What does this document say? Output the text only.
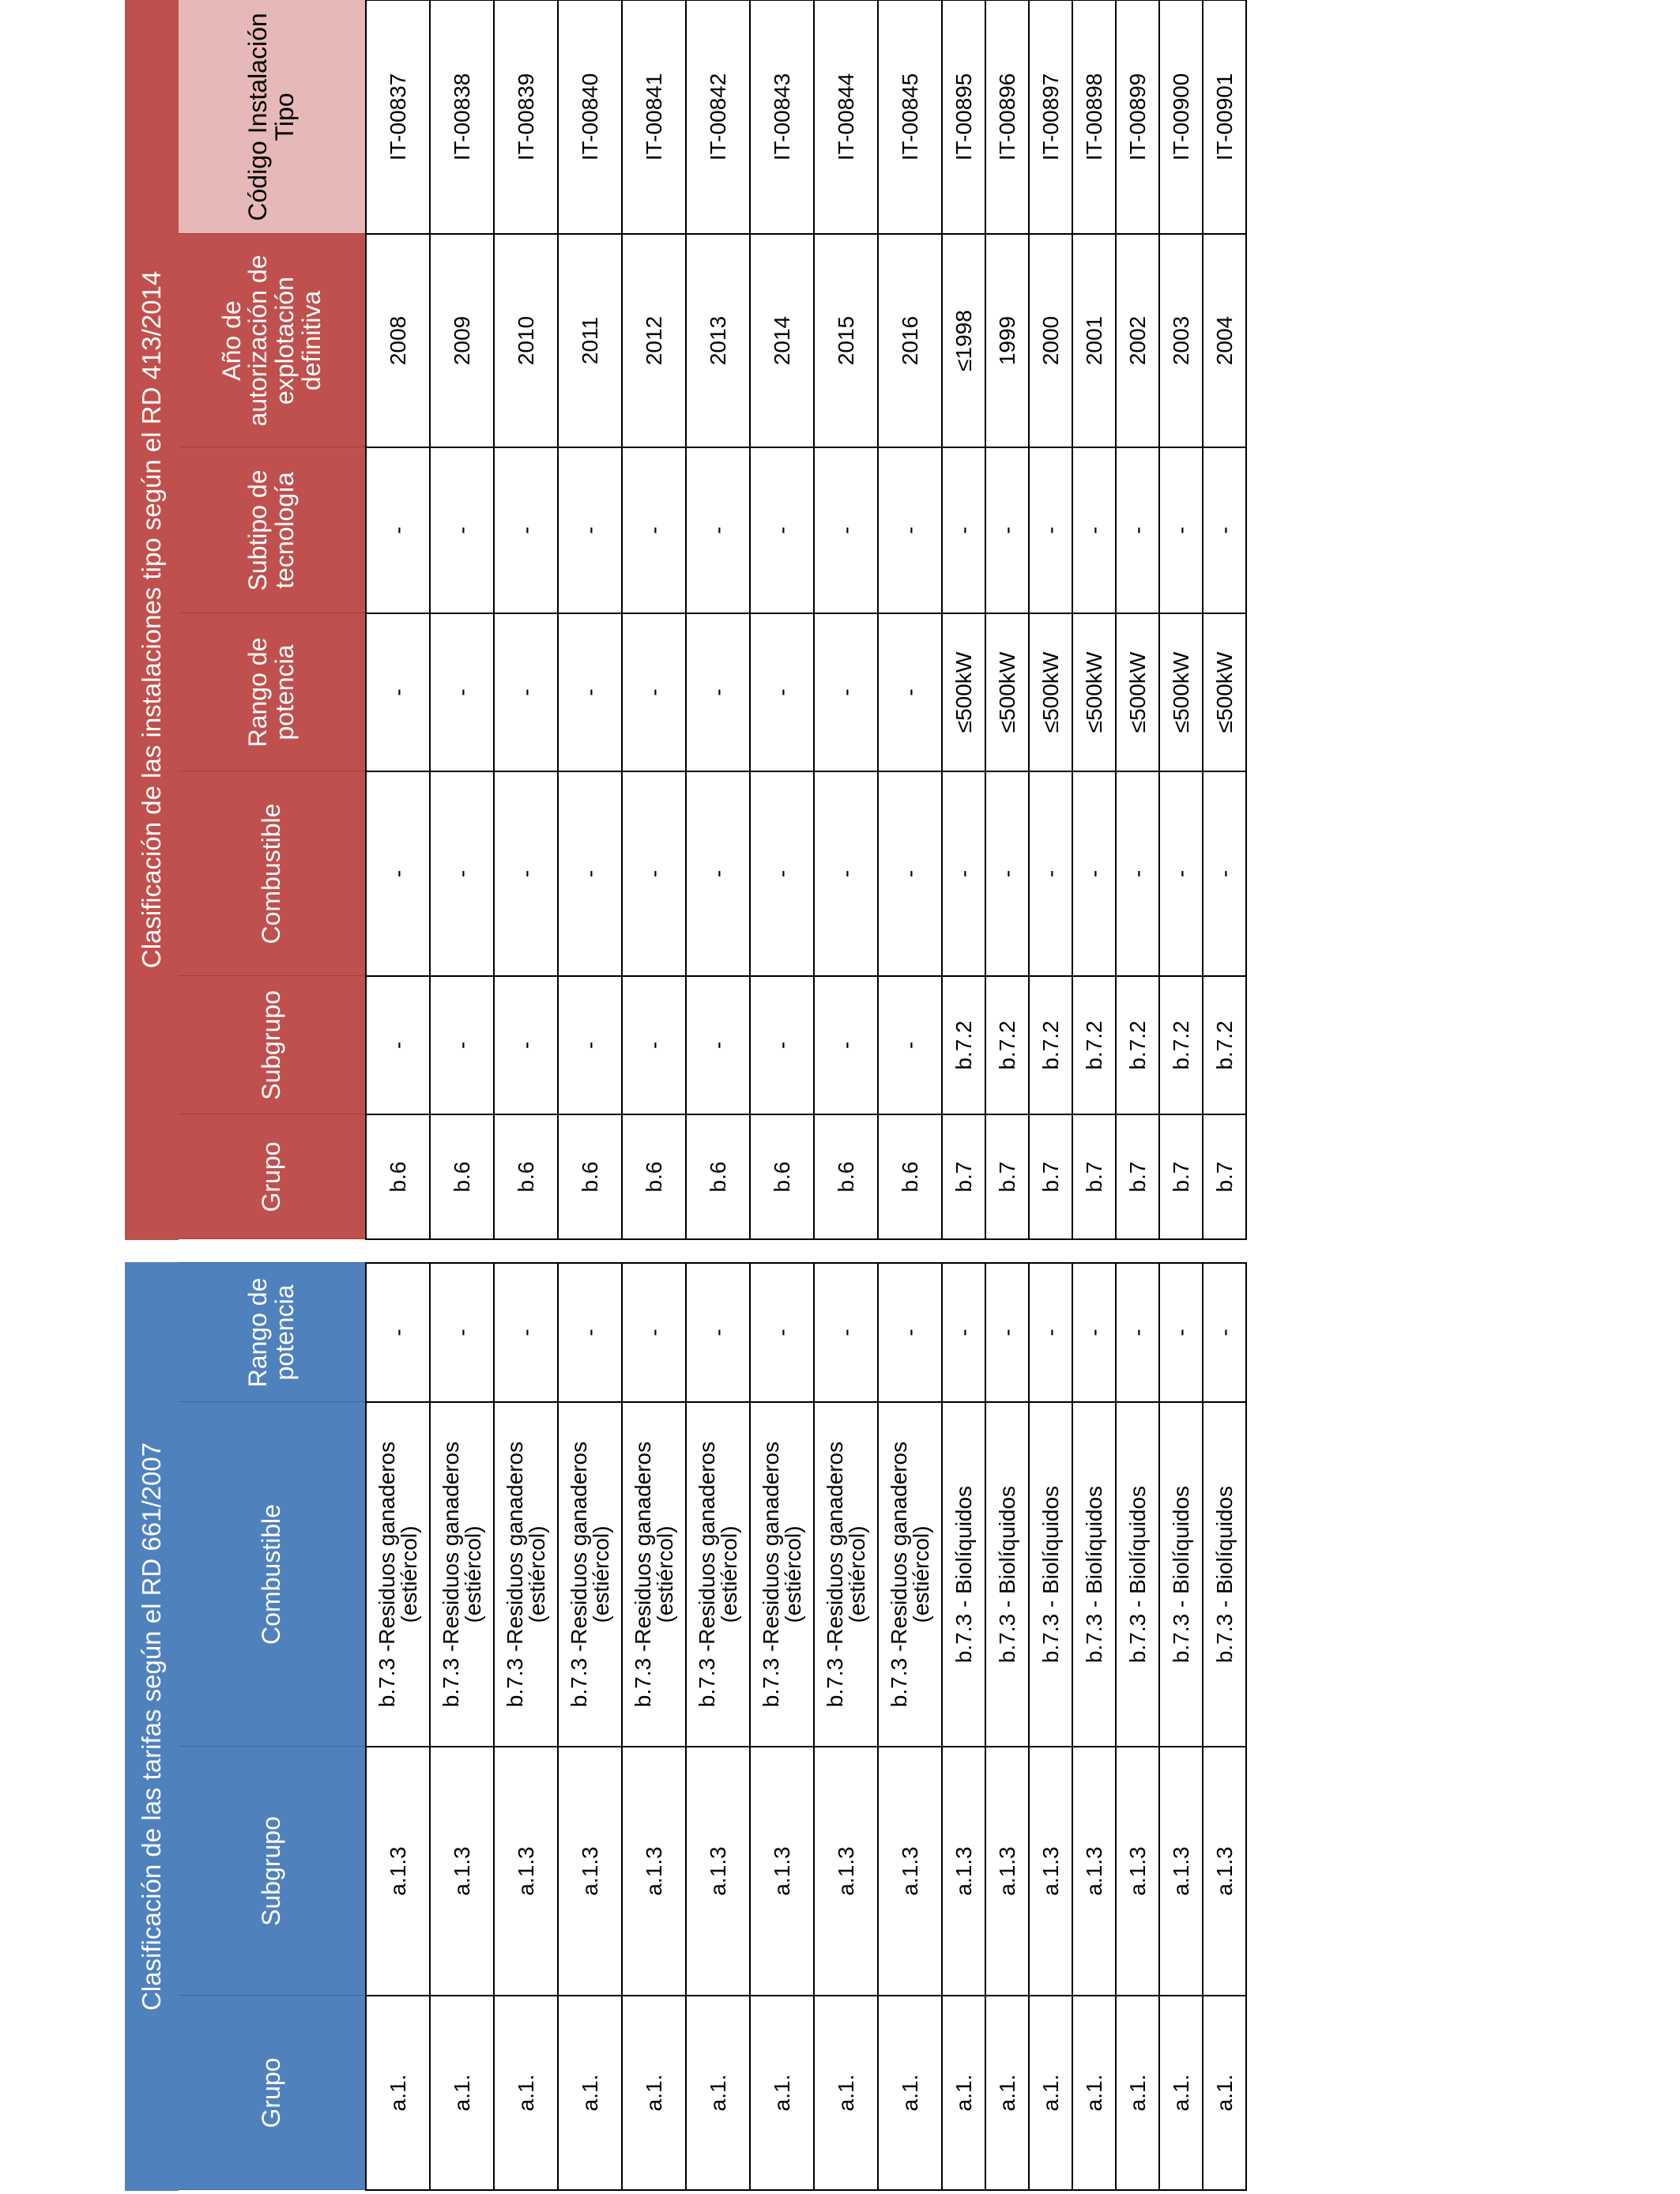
Clasificación de las tarifas según el RD 661/2007			
Grupo	Subgrupo	Combustible	Rango de potencia
a.1.	a.1.3	b.7.3 -Residuos ganaderos (estiércol)	-
a.1.	a.1.3	b.7.3 -Residuos ganaderos (estiércol)	-
a.1.	a.1.3	b.7.3 -Residuos ganaderos (estiércol)	-
a.1.	a.1.3	b.7.3 -Residuos ganaderos (estiércol)	-
a.1.	a.1.3	b.7.3 -Residuos ganaderos (estiércol)	-
a.1.	a.1.3	b.7.3 -Residuos ganaderos (estiércol)	-
a.1.	a.1.3	b.7.3 -Residuos ganaderos (estiércol)	-
a.1.	a.1.3	b.7.3 -Residuos ganaderos (estiércol)	-
a.1.	a.1.3	b.7.3 -Residuos ganaderos (estiércol)	-
a.1.	a.1.3	b.7.3 - Biolíquidos	-
a.1.	a.1.3	b.7.3 - Biolíquidos	-
a.1.	a.1.3	b.7.3 - Biolíquidos	-
a.1.	a.1.3	b.7.3 - Biolíquidos	-
a.1.	a.1.3	b.7.3 - Biolíquidos	-
a.1.	a.1.3	b.7.3 - Biolíquidos	-
a.1.	a.1.3	b.7.3 - Biolíquidos	-
Clasificación de las instalaciones tipo según el RD 413/2014						
Grupo	Subgrupo	Combustible	Rango de potencia	Subtipo de tecnología	Año de autorización de explotación definitiva	Código Instalación Tipo
b.6	-	-	-	-	2008	IT-00837
b.6	-	-	-	-	2009	IT-00838
b.6	-	-	-	-	2010	IT-00839
b.6	-	-	-	-	2011	IT-00840
b.6	-	-	-	-	2012	IT-00841
b.6	-	-	-	-	2013	IT-00842
b.6	-	-	-	-	2014	IT-00843
b.6	-	-	-	-	2015	IT-00844
b.6	-	-	-	-	2016	IT-00845
b.7	b.7.2	-	≤500kW	-	≤1998	IT-00895
b.7	b.7.2	-	≤500kW	-	1999	IT-00896
b.7	b.7.2	-	≤500kW	-	2000	IT-00897
b.7	b.7.2	-	≤500kW	-	2001	IT-00898
b.7	b.7.2	-	≤500kW	-	2002	IT-00899
b.7	b.7.2	-	≤500kW	-	2003	IT-00900
b.7	b.7.2	-	≤500kW	-	2004	IT-00901
